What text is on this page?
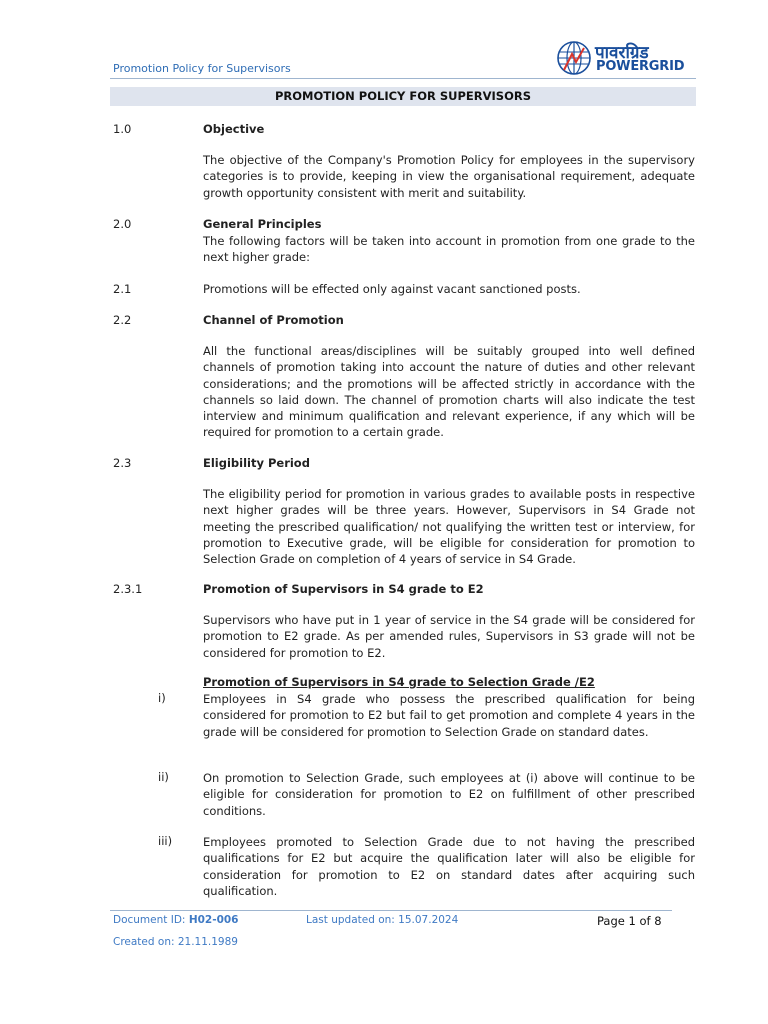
Promotion Policy for Supervisors
पावरग्रिड
POWERGRID
PROMOTION POLICY FOR SUPERVISORS
1.0	Objective
The objective of the Company's Promotion Policy for employees in the supervisory categories is to provide, keeping in view the organisational requirement, adequate growth opportunity consistent with merit and suitability.
2.0	General Principles
The following factors will be taken into account in promotion from one grade to the next higher grade:
2.1	Promotions will be effected only against vacant sanctioned posts.
2.2	Channel of Promotion
All the functional areas/disciplines will be suitably grouped into well defined channels of promotion taking into account the nature of duties and other relevant considerations; and the promotions will be affected strictly in accordance with the channels so laid down. The channel of promotion charts will also indicate the test interview and minimum qualification and relevant experience, if any which will be required for promotion to a certain grade.
2.3	Eligibility Period
The eligibility period for promotion in various grades to available posts in respective next higher grades will be three years. However, Supervisors in S4 Grade not meeting the prescribed qualification/ not qualifying the written test or interview, for promotion to Executive grade, will be eligible for consideration for promotion to Selection Grade on completion of 4 years of service in S4 Grade.
2.3.1	Promotion of Supervisors in S4 grade to E2
Supervisors who have put in 1 year of service in the S4 grade will be considered for promotion to E2 grade. As per amended rules, Supervisors in S3 grade will not be considered for promotion to E2.
Promotion of Supervisors in S4 grade to Selection Grade /E2
i)	Employees in S4 grade who possess the prescribed qualification for being considered for promotion to E2 but fail to get promotion and complete 4 years in the grade will be considered for promotion to Selection Grade on standard dates.
ii)	On promotion to Selection Grade, such employees at (i) above will continue to be eligible for consideration for promotion to E2 on fulfillment of other prescribed conditions.
iii)	Employees promoted to Selection Grade due to not having the prescribed qualifications for E2 but acquire the qualification later will also be eligible for consideration for promotion to E2 on standard dates after acquiring such qualification.
Document ID: H02-006	Last updated on: 15.07.2024	Page 1 of 8
Created on: 21.11.1989
